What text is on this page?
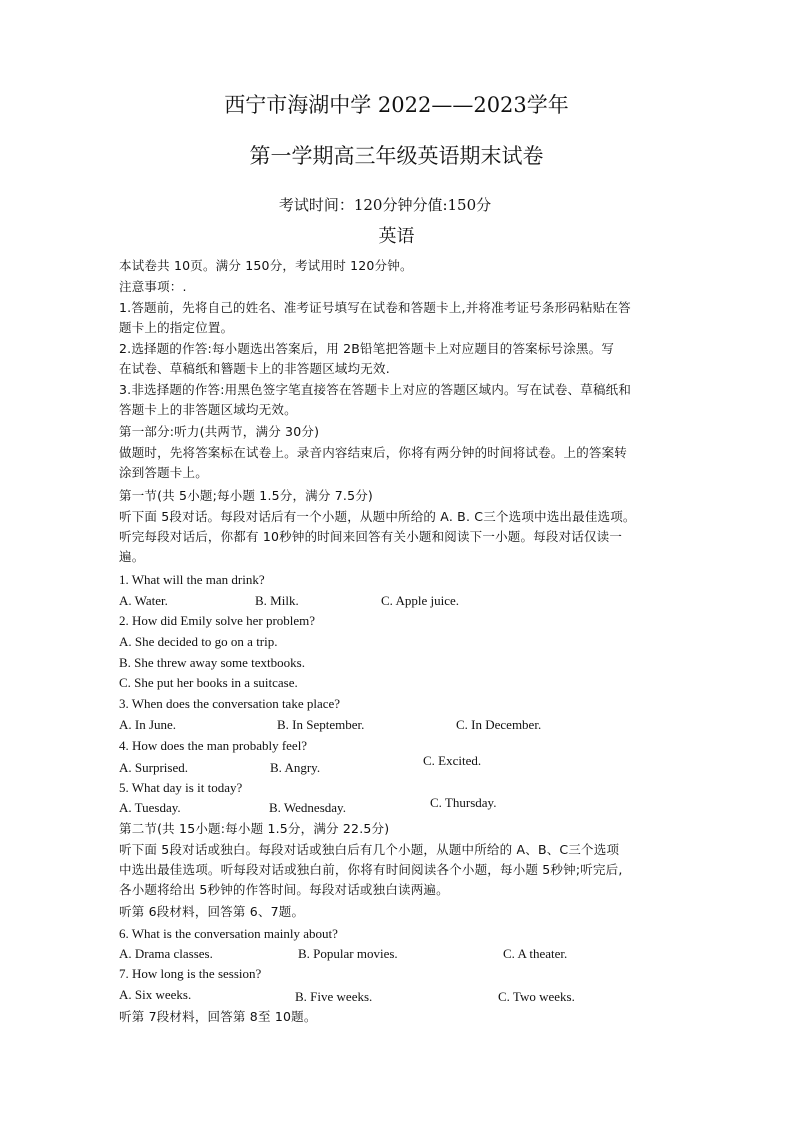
西宁市海湖中学 2022——2023学年
第一学期高三年级英语期末试卷
考试时间：120分钟分值:150分
英语
本试卷共 10页。满分 150分，考试用时 120分钟。
注意事项：.
1.答题前，先将自己的姓名、准考证号填写在试卷和答题卡上,并将准考证号条形码粘贴在答
题卡上的指定位置。
2.选择题的作答:每小题选出答案后，用 2B铅笔把答题卡上对应题目的答案标号涂黑。写
在试卷、草稿纸和簪题卡上的非答题区域均无效.
3.非选择题的作答:用黑色签字笔直接答在答题卡上对应的答题区域内。写在试卷、草稿纸和
答题卡上的非答题区域均无效。
第一部分:听力(共两节，满分 30分)
做题时，先将答案标在试卷上。录音内容结束后，你将有两分钟的时间将试卷。上的答案转
涂到答题卡上。
第一节(共 5小题;每小题 1.5分，满分 7.5分)
听下面 5段对话。每段对话后有一个小题，从题中所给的 A. B. C三个选项中选出最佳选项。
听完每段对话后，你都有 10秒钟的时间来回答有关小题和阅读下一小题。每段对话仅读一
遍。
1. What will the man drink?
A. Water.	B. Milk.	C. Apple juice.
2. How did Emily solve her problem?
A. She decided to go on a trip.
B. She threw away some textbooks.
C. She put her books in a suitcase.
3. When does the conversation take place?
A. In June.	B. In September.	C. In December.
4. How does the man probably feel?
A. Surprised.	B. Angry.	C. Excited.
5. What day is it today?
A. Tuesday.	B. Wednesday.	C. Thursday.
第二节(共 15小题:每小题 1.5分，满分 22.5分)
听下面 5段对话或独白。每段对话或独白后有几个小题，从题中所给的 A、B、C三个选项
中选出最佳选项。听每段对话或独白前，你将有时间阅读各个小题，每小题 5秒钟;听完后,
各小题将给出 5秒钟的作答时间。每段对话或独白读两遍。
听第 6段材料，回答第 6、7题。
6. What is the conversation mainly about?
A. Drama classes.	B. Popular movies.	C. A theater.
7. How long is the session?
A. Six weeks.	B. Five weeks.	C. Two weeks.
听第 7段材料，回答第 8至 10题。
